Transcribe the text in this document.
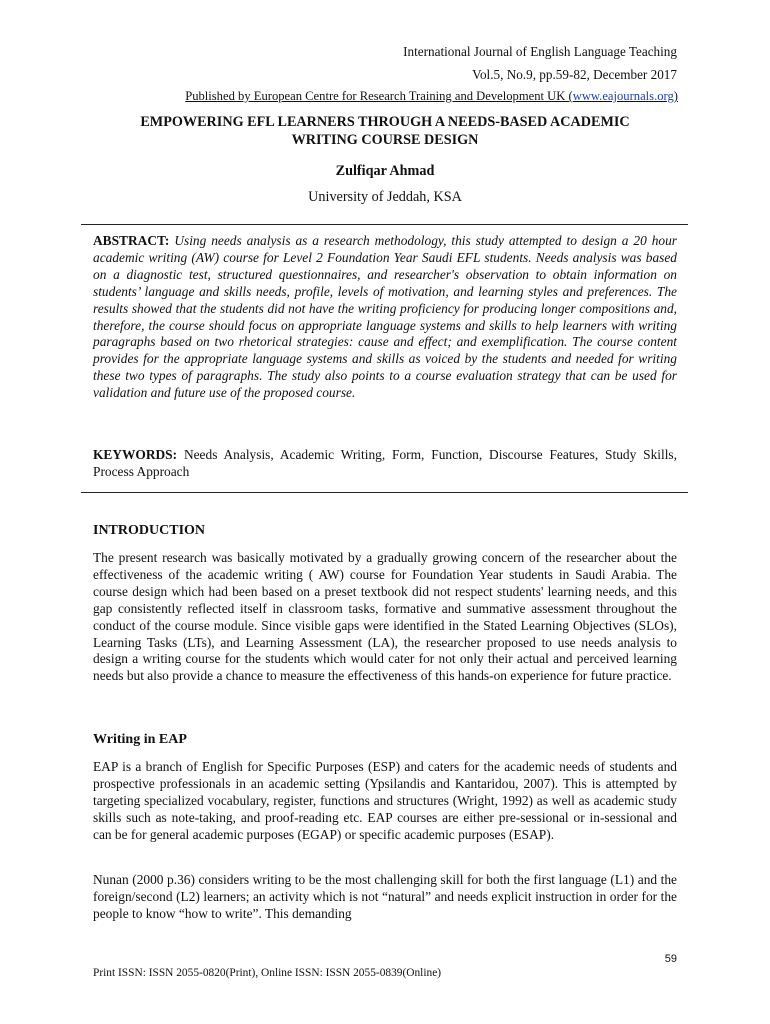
International Journal of English Language Teaching
Vol.5, No.9, pp.59-82, December 2017
Published by European Centre for Research Training and Development UK (www.eajournals.org)
EMPOWERING EFL LEARNERS THROUGH A NEEDS-BASED ACADEMIC WRITING COURSE DESIGN
Zulfiqar Ahmad
University of Jeddah, KSA
ABSTRACT: Using needs analysis as a research methodology, this study attempted to design a 20 hour academic writing (AW) course for Level 2 Foundation Year Saudi EFL students. Needs analysis was based on a diagnostic test, structured questionnaires, and researcher's observation to obtain information on students’ language and skills needs, profile, levels of motivation, and learning styles and preferences. The results showed that the students did not have the writing proficiency for producing longer compositions and, therefore, the course should focus on appropriate language systems and skills to help learners with writing paragraphs based on two rhetorical strategies: cause and effect; and exemplification. The course content provides for the appropriate language systems and skills as voiced by the students and needed for writing these two types of paragraphs. The study also points to a course evaluation strategy that can be used for validation and future use of the proposed course.
KEYWORDS: Needs Analysis, Academic Writing, Form, Function, Discourse Features, Study Skills, Process Approach
INTRODUCTION
The present research was basically motivated by a gradually growing concern of the researcher about the effectiveness of the academic writing ( AW) course for Foundation Year students in Saudi Arabia. The course design which had been based on a preset textbook did not respect students' learning needs, and this gap consistently reflected itself in classroom tasks, formative and summative assessment throughout the conduct of the course module. Since visible gaps were identified in the Stated Learning Objectives (SLOs), Learning Tasks (LTs), and Learning Assessment (LA), the researcher proposed to use needs analysis to design a writing course for the students which would cater for not only their actual and perceived learning needs but also provide a chance to measure the effectiveness of this hands-on experience for future practice.
Writing in EAP
EAP is a branch of English for Specific Purposes (ESP) and caters for the academic needs of students and prospective professionals in an academic setting (Ypsilandis and Kantaridou, 2007). This is attempted by targeting specialized vocabulary, register, functions and structures (Wright, 1992) as well as academic study skills such as note-taking, and proof-reading etc. EAP courses are either pre-sessional or in-sessional and can be for general academic purposes (EGAP) or specific academic purposes (ESAP).
Nunan (2000 p.36) considers writing to be the most challenging skill for both the first language (L1) and the foreign/second (L2) learners; an activity which is not “natural” and needs explicit instruction in order for the people to know “how to write”. This demanding
59
Print ISSN: ISSN 2055-0820(Print), Online ISSN: ISSN 2055-0839(Online)
